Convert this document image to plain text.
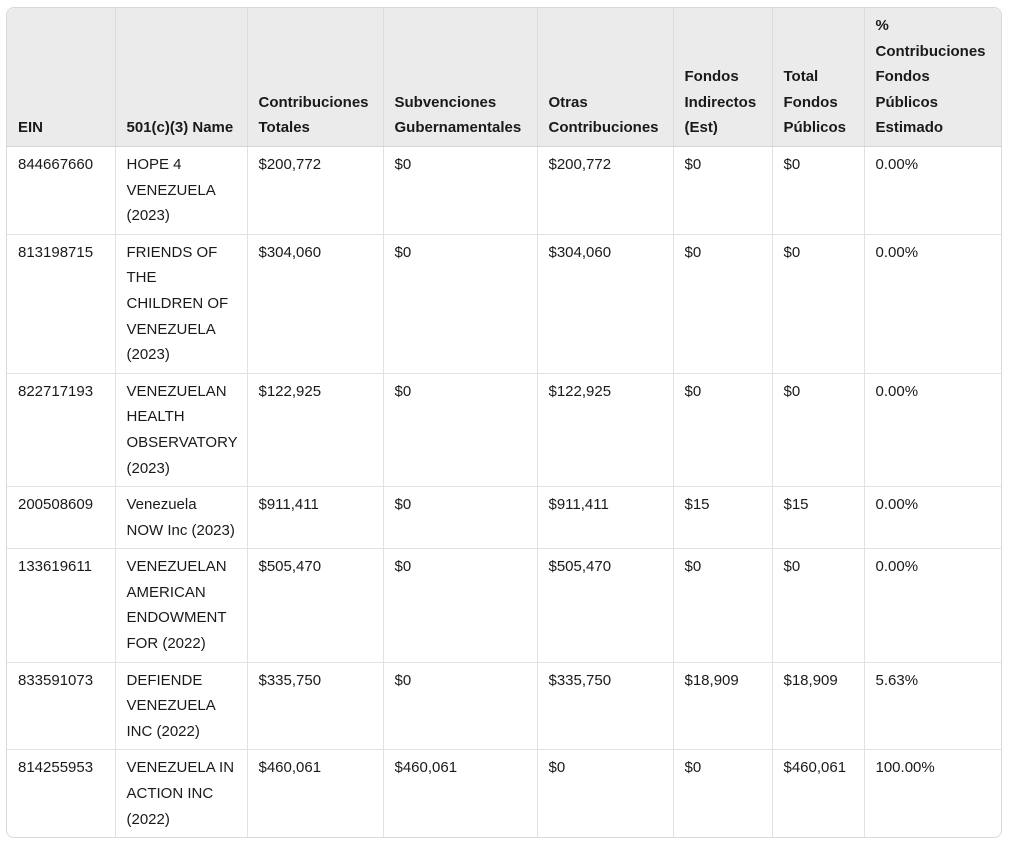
EIN	501(c)(3) Name	Contribuciones Totales	Subvenciones Gubernamentales	Otras Contribuciones	Fondos Indirectos (Est)	Total Fondos Públicos	% Contribuciones Fondos Públicos Estimado
844667660	HOPE 4 VENEZUELA (2023)	$200,772	$0	$200,772	$0	$0	0.00%
813198715	FRIENDS OF THE CHILDREN OF VENEZUELA (2023)	$304,060	$0	$304,060	$0	$0	0.00%
822717193	VENEZUELAN HEALTH OBSERVATORY (2023)	$122,925	$0	$122,925	$0	$0	0.00%
200508609	Venezuela NOW Inc (2023)	$911,411	$0	$911,411	$15	$15	0.00%
133619611	VENEZUELAN AMERICAN ENDOWMENT FOR (2022)	$505,470	$0	$505,470	$0	$0	0.00%
833591073	DEFIENDE VENEZUELA INC (2022)	$335,750	$0	$335,750	$18,909	$18,909	5.63%
814255953	VENEZUELA IN ACTION INC (2022)	$460,061	$460,061	$0	$0	$460,061	100.00%
